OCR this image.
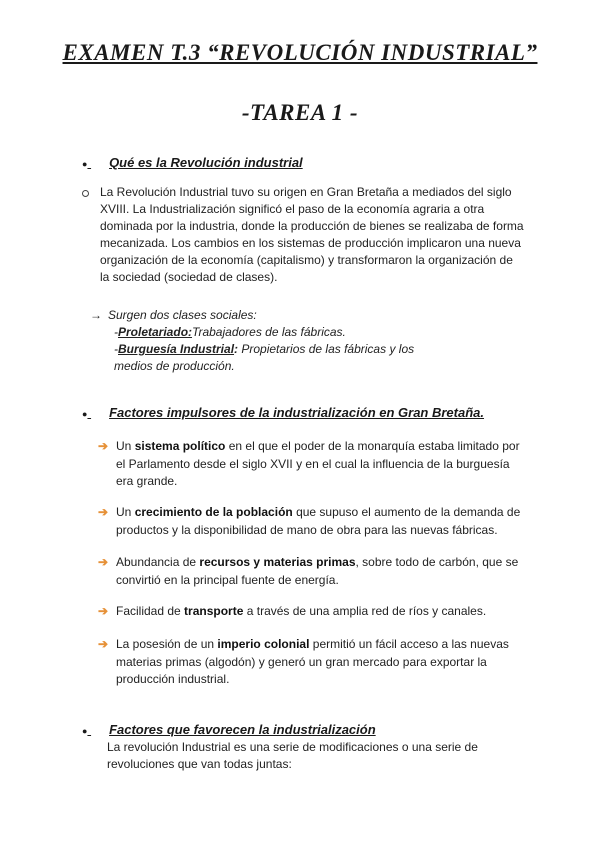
EXAMEN T.3 “REVOLUCIÓN INDUSTRIAL”
-TAREA 1 -
● Qué es la Revolución industrial
La Revolución Industrial tuvo su origen en Gran Bretaña a mediados del siglo XVIII. La Industrialización significó el paso de la economía agraria a otra dominada por la industria, donde la producción de bienes se realizaba de forma mecanizada. Los cambios en los sistemas de producción implicaron una nueva organización de la economía (capitalismo) y transformaron la organización de la sociedad (sociedad de clases).
→ Surgen dos clases sociales:
-Proletariado:Trabajadores de las fábricas.
-Burguesía Industrial: Propietarios de las fábricas y los medios de producción.
● Factores impulsores de la industrialización en Gran Bretaña.
➔ Un sistema político en el que el poder de la monarquía estaba limitado por el Parlamento desde el siglo XVII y en el cual la influencia de la burguesía era grande.
➔ Un crecimiento de la población que supuso el aumento de la demanda de productos y la disponibilidad de mano de obra para las nuevas fábricas.
➔ Abundancia de recursos y materias primas, sobre todo de carbón, que se convirtió en la principal fuente de energía.
➔ Facilidad de transporte a través de una amplia red de ríos y canales.
➔ La posesión de un imperio colonial permitió un fácil acceso a las nuevas materias primas (algodón) y generó un gran mercado para exportar la producción industrial.
● Factores que favorecen la industrialización
La revolución Industrial es una serie de modificaciones o una serie de revoluciones que van todas juntas:
